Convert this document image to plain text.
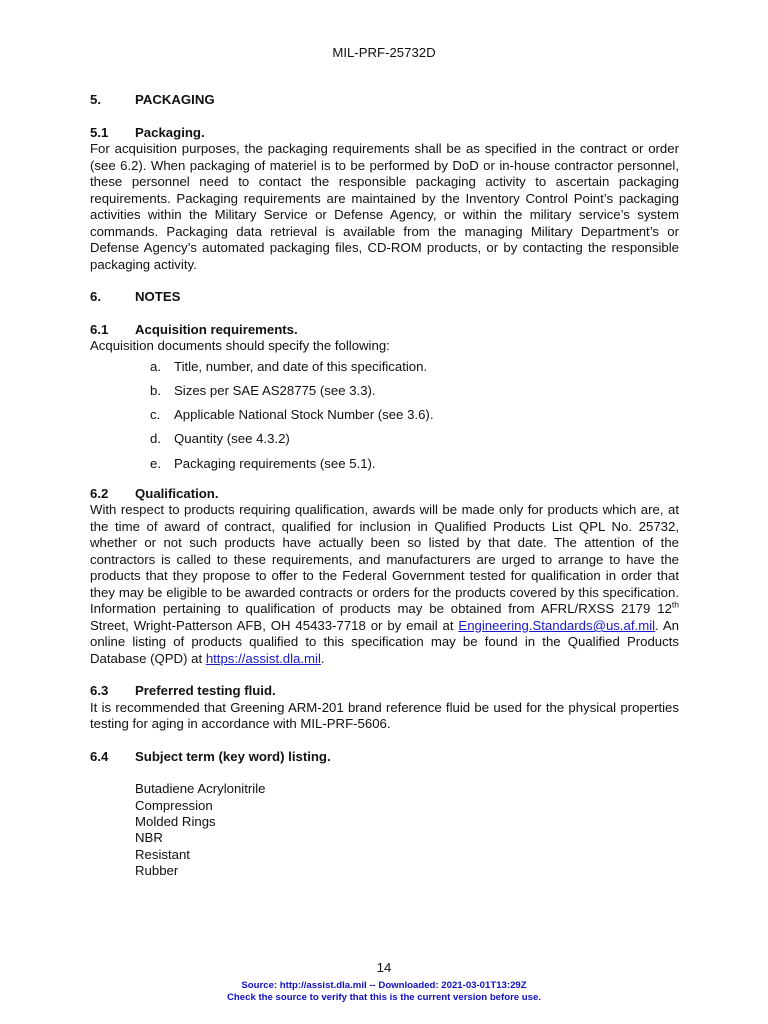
MIL-PRF-25732D

5.	PACKAGING

5.1 Packaging.

For acquisition purposes, the packaging requirements shall be as specified in the contract or order (see 6.2). When packaging of materiel is to be performed by DoD or in-house contractor personnel, these personnel need to contact the responsible packaging activity to ascertain packaging requirements. Packaging requirements are maintained by the Inventory Control Point’s packaging activities within the Military Service or Defense Agency, or within the military service’s system commands. Packaging data retrieval is available from the managing Military Department’s or Defense Agency’s automated packaging files, CD-ROM products, or by contacting the responsible packaging activity.

6.	NOTES

6.1 Acquisition requirements.

Acquisition documents should specify the following:

a. Title, number, and date of this specification.
b. Sizes per SAE AS28775 (see 3.3).
c.	Applicable National Stock Number (see 3.6).
d. Quantity (see 4.3.2)
e. Packaging requirements (see 5.1).

6.2 Qualification.

With respect to products requiring qualification, awards will be made only for products which are, at the time of award of contract, qualified for inclusion in Qualified Products List QPL No. 25732, whether or not such products have actually been so listed by that date. The attention of the contractors is called to these requirements, and manufacturers are urged to arrange to have the products that they propose to offer to the Federal Government tested for qualification in order that they may be eligible to be awarded contracts or orders for the products covered by this specification. Information pertaining to qualification of products may be obtained from AFRL/RXSS 2179 12th Street, Wright-Patterson AFB, OH 45433-7718 or by email at Engineering.Standards@us.af.mil. An online listing of products qualified to this specification may be found in the Qualified Products Database (QPD) at https://assist.dla.mil.

6.3 Preferred testing fluid.

It is recommended that Greening ARM-201 brand reference fluid be used for the physical properties testing for aging in accordance with MIL-PRF-5606.

6.4 Subject term (key word) listing.

Butadiene Acrylonitrile
Compression
Molded Rings
NBR
Resistant
Rubber
14
Source: http://assist.dla.mil -- Downloaded: 2021-03-01T13:29Z
Check the source to verify that this is the current version before use.
